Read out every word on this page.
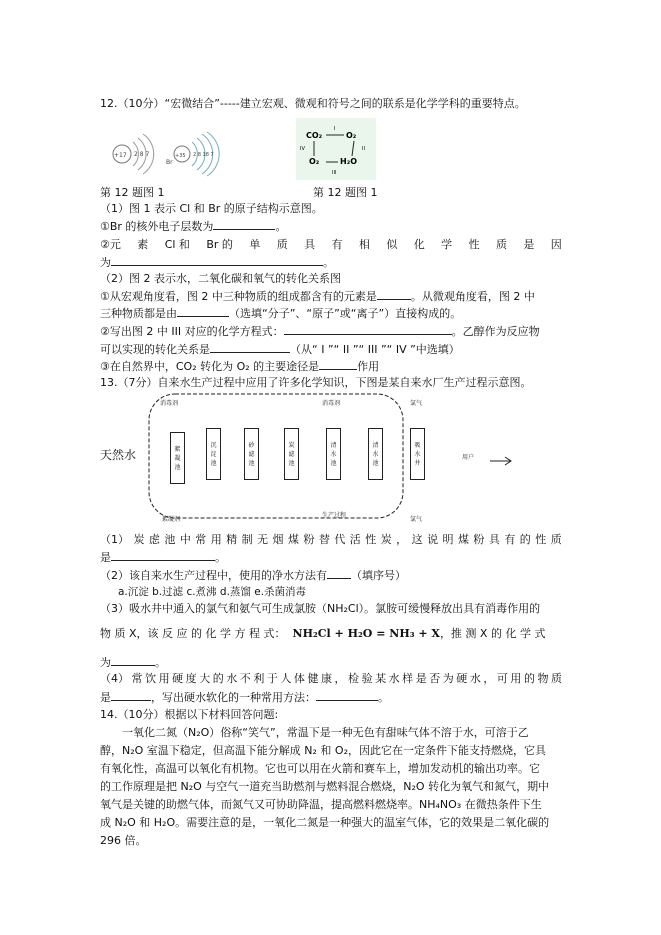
12.（10分）“宏微结合”-----建立宏观、微观和符号之间的联系是化学学科的重要特点。
+17 2 8 7
Br
+35 2 8 18 7
CO₂	O₂
O₂	H₂O
I
II
III
IV
第 12 题图 1	第 12 题图 1
（1）图 1 表示 Cl 和 Br 的原子结构示意图。
①Br 的核外电子层数为	。
②元 素 Cl 和 Br 的 单 质 具 有 相 似 化 学 性 质 是 因
为	。
（2）图 2 表示水，二氧化碳和氧气的转化关系图
①从宏观角度看，图 2 中三种物质的组成都含有的元素是	。从微观角度看，图 2 中
三种物质都是由	（选填“分子”、“原子”或“离子”）直接构成的。
②写出图 2 中 III 对应的化学方程式：	。乙醇作为反应物
可以实现的转化关系是	（从“ I ”“ II ”“ III ”“ IV ”中选填）
③在自然界中，CO₂ 转化为 O₂ 的主要途径是	作用
13.（7分）自来水生产过程中应用了许多化学知识，下图是某自来水厂生产过程示意图。
天然水
消毒剂	消毒剂	氯气
絮凝剂
生产过程
氯气
用户
絮
凝
池
沉
淀
池
砂
滤
池
炭
滤
池
清
水
池
清
水
池
吸
水
井
（1） 炭 虑 池 中 常 用 精 制 无 烟 煤 粉 替 代 活 性 炭 ， 这 说 明 煤 粉 具 有 的 性 质
是	。
（2）该自来水生产过程中，使用的净水方法有 （填序号）
a.沉淀 b.过滤 c.煮沸 d.蒸馏 e.杀菌消毒
（3）吸水井中通入的氯气和氨气可生成氯胺（NH₂Cl）。氯胺可缓慢释放出具有消毒作用的
物 质 X，该 反 应 的 化 学 方 程 式： NH₂Cl + H₂O = NH₃ + X，推 测 X 的 化 学 式
为	。
（4） 常 饮 用 硬 度 大 的 水 不 利 于 人 体 健 康 ， 检 验 某 水 样 是 否 为 硬 水 ， 可 用 的 物 质
是	，写出硬水软化的一种常用方法：	。
14.（10分）根据以下材料回答问题:
一氧化二氮（N₂O）俗称“笑气”，常温下是一种无色有甜味气体不溶于水，可溶于乙
醇，N₂O 室温下稳定，但高温下能分解成 N₂ 和 O₂，因此它在一定条件下能支持燃烧，它具
有氧化性，高温可以氧化有机物。它也可以用在火箭和赛车上，增加发动机的输出功率。它
的工作原理是把 N₂O 与空气一道充当助燃剂与燃料混合燃烧，N₂O 转化为氧气和氮气，期中
氧气是关键的助燃气体，而氮气又可协助降温，提高燃料燃烧率。NH₄NO₃ 在微热条件下生
成 N₂O 和 H₂O。需要注意的是，一氧化二氮是一种强大的温室气体，它的效果是二氧化碳的
296 倍。
